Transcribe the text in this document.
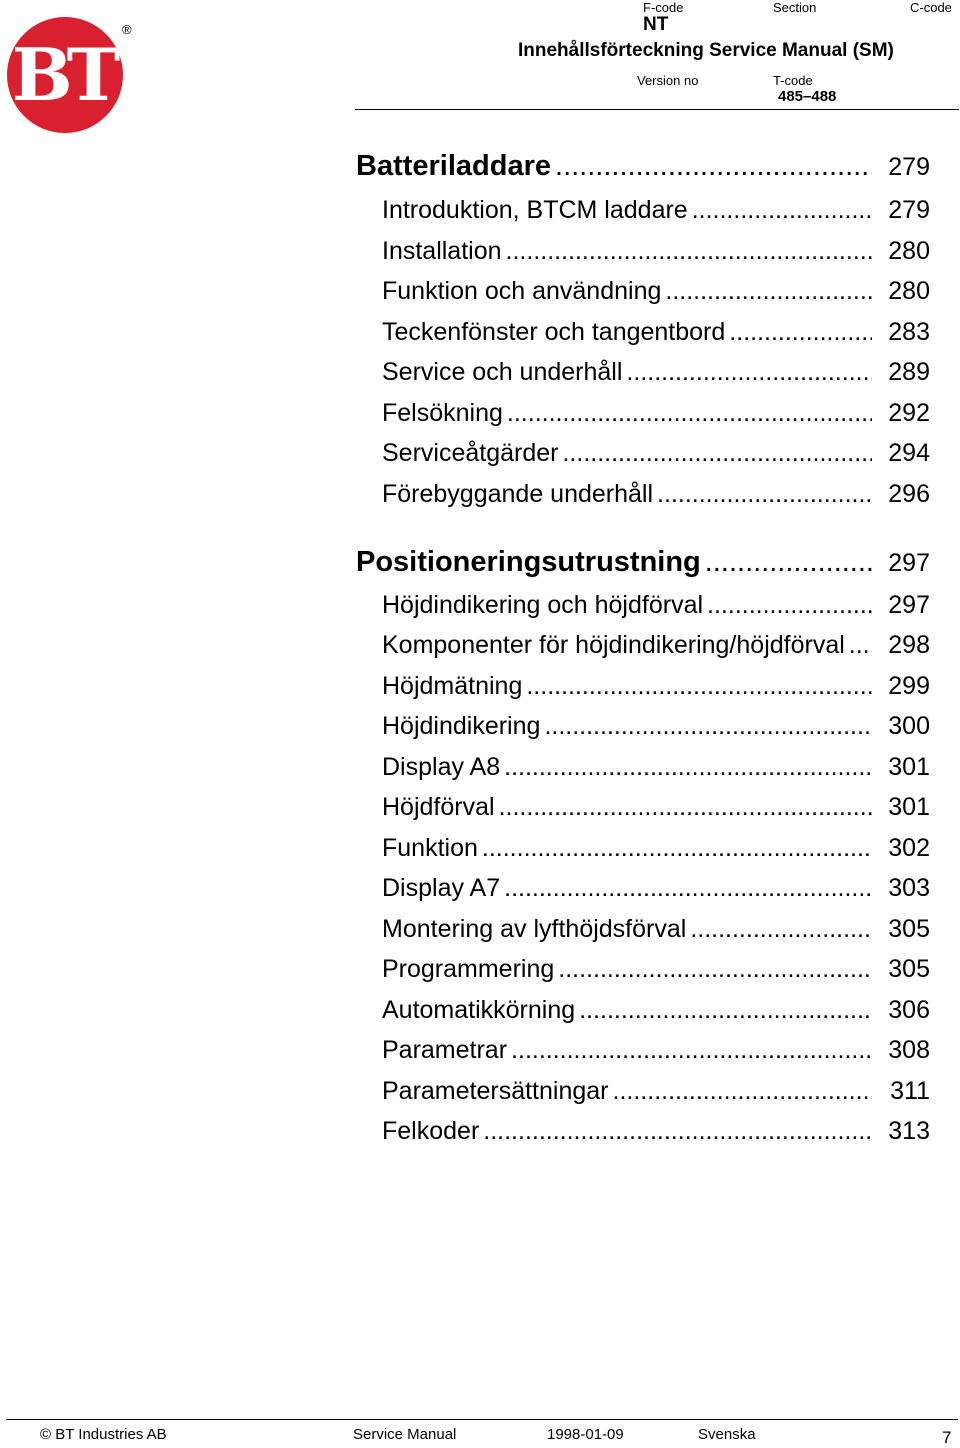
BT
®
F-code	Section	C-code
NT
Innehållsförteckning Service Manual (SM)
Version no	T-code
485–488
Batteriladdare .....	279
Introduktion, BTCM laddare .....	279
Installation .....	280
Funktion och användning .....	280
Teckenfönster och tangentbord .....	283
Service och underhåll .....	289
Felsökning .....	292
Serviceåtgärder .....	294
Förebyggande underhåll .....	296
Positioneringsutrustning .....	297
Höjdindikering och höjdförval .....	297
Komponenter för höjdindikering/höjdförval .....	298
Höjdmätning .....	299
Höjdindikering .....	300
Display A8 .....	301
Höjdförval .....	301
Funktion .....	302
Display A7 .....	303
Montering av lyfthöjdsförval .....	305
Programmering .....	305
Automatikkörning .....	306
Parametrar .....	308
Parametersättningar .....	311
Felkoder .....	313
© BT Industries AB	Service Manual	1998-01-09	Svenska	7
